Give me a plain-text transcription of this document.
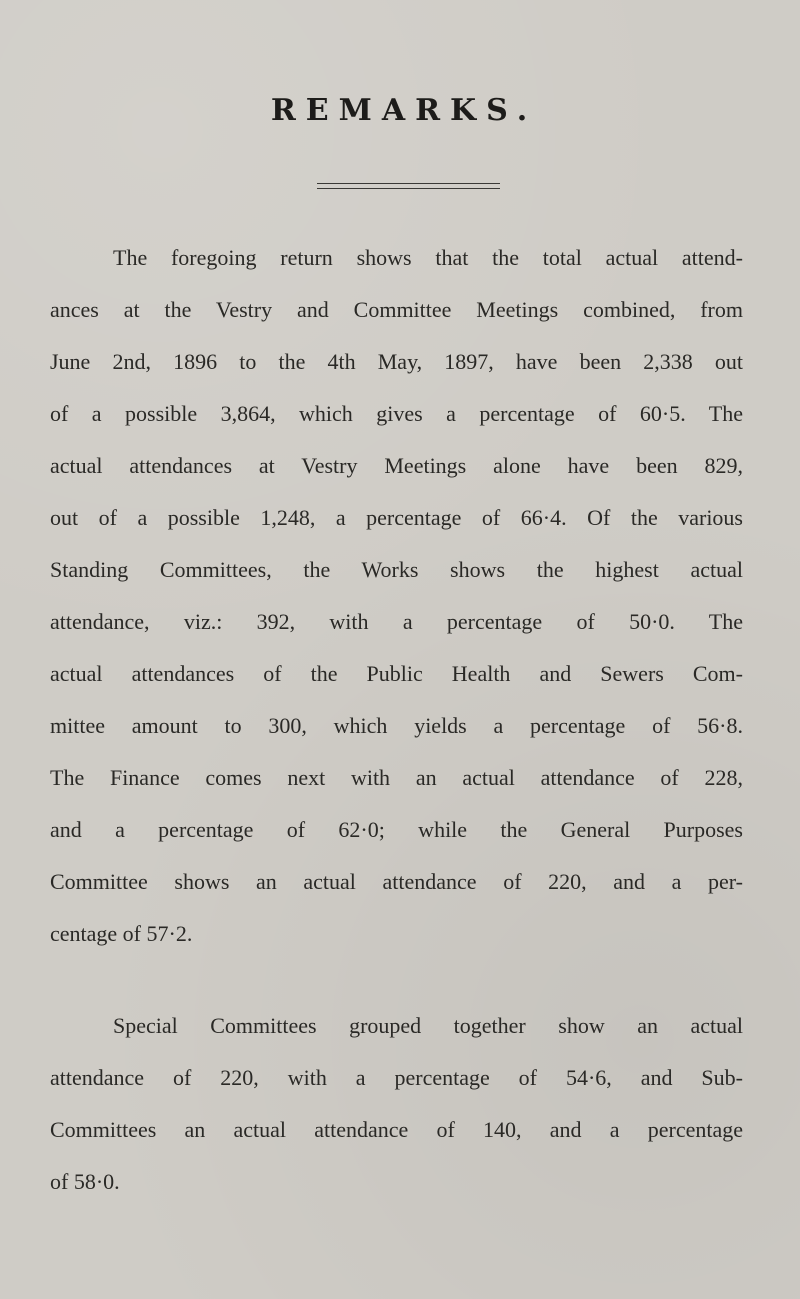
REMARKS.

The foregoing return shows that the total actual attend-
ances at the Vestry and Committee Meetings combined, from
June 2nd, 1896 to the 4th May, 1897, have been 2,338 out
of a possible 3,864, which gives a percentage of 60·5. The
actual attendances at Vestry Meetings alone have been 829,
out of a possible 1,248, a percentage of 66·4. Of the various
Standing Committees, the Works shows the highest actual
attendance, viz.: 392, with a percentage of 50·0. The
actual attendances of the Public Health and Sewers Com-
mittee amount to 300, which yields a percentage of 56·8.
The Finance comes next with an actual attendance of 228,
and a percentage of 62·0; while the General Purposes
Committee shows an actual attendance of 220, and a per-
centage of 57·2.

Special Committees grouped together show an actual
attendance of 220, with a percentage of 54·6, and Sub-
Committees an actual attendance of 140, and a percentage
of 58·0.
